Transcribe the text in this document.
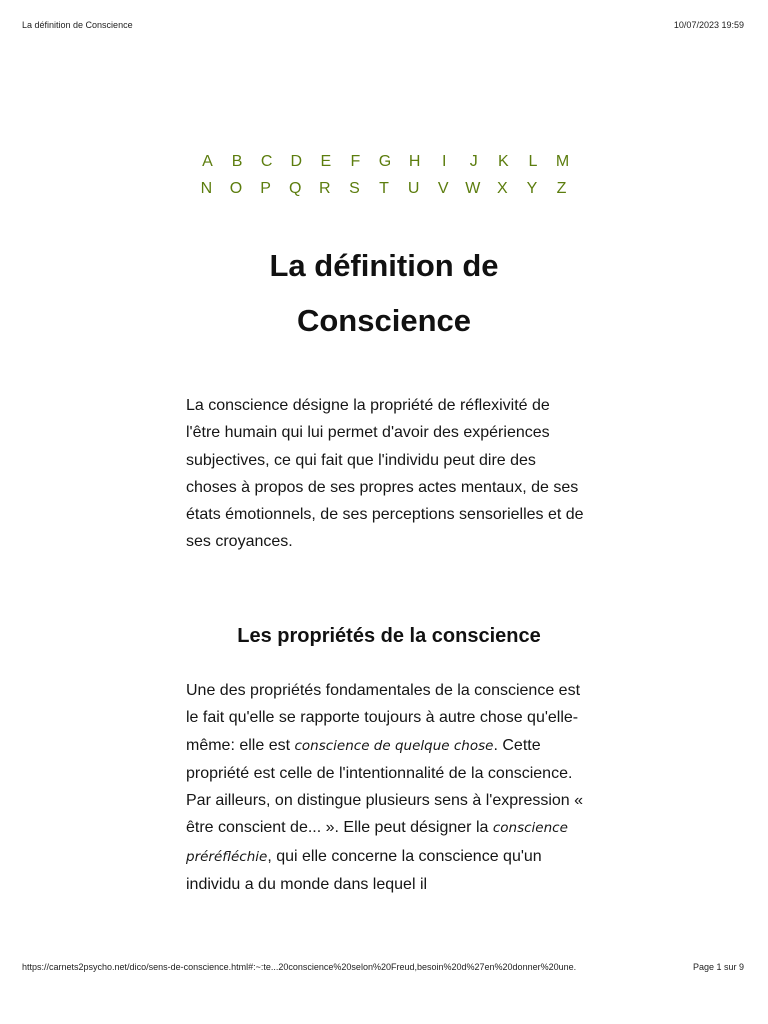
La définition de Conscience	10/07/2023 19:59
A	B	C	D	E	F	G	H	I	J	K	L	M
N	O	P	Q	R	S	T	U	V	W	X	Y	Z
La définition de
Conscience

La conscience désigne la propriété de réflexivité de l'être humain qui lui permet d'avoir des expériences subjectives, ce qui fait que l'individu peut dire des choses à propos de ses propres actes mentaux, de ses états émotionnels, de ses perceptions sensorielles et de ses croyances.

Les propriétés de la conscience
Une des propriétés fondamentales de la conscience est le fait qu'elle se rapporte toujours à autre chose qu'elle-même: elle est conscience de quelque chose. Cette propriété est celle de l'intentionnalité de la conscience.
Par ailleurs, on distingue plusieurs sens à l'expression « être conscient de... ». Elle peut désigner la conscience préréfléchie, qui elle concerne la conscience qu'un individu a du monde dans lequel il
https://carnets2psycho.net/dico/sens-de-conscience.html#:~:te...20conscience%20selon%20Freud,besoin%20d%27en%20donner%20une.	Page 1 sur 9
